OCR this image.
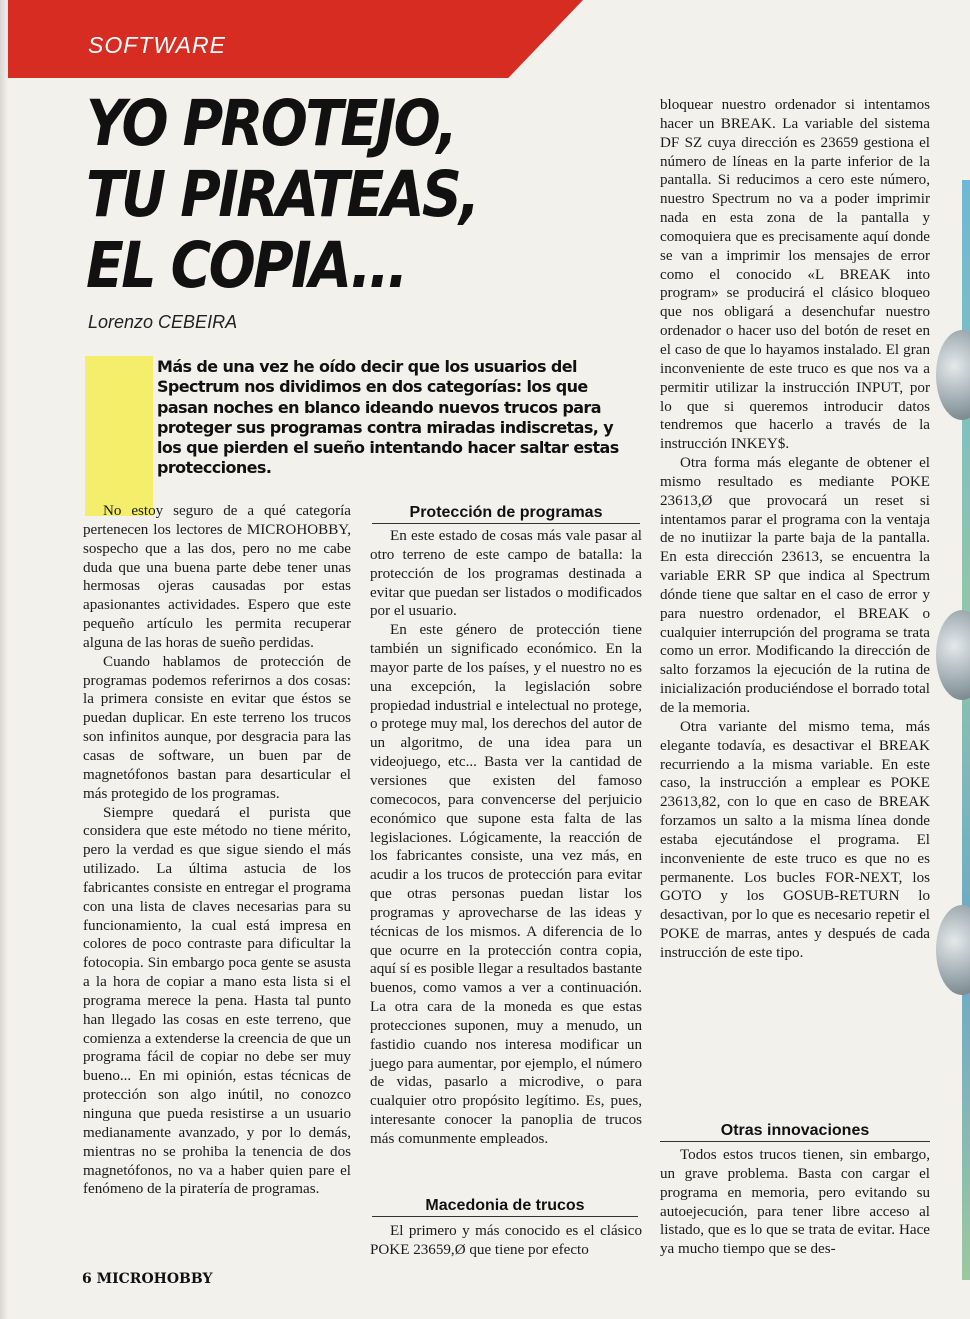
SOFTWARE
YO PROTEJO,
TU PIRATEAS,
EL COPIA...
Lorenzo CEBEIRA
Más de una vez he oído decir que los usuarios del Spectrum nos dividimos en dos categorías: los que pasan noches en blanco ideando nuevos trucos para proteger sus programas contra miradas indiscretas, y los que pierden el sueño intentando hacer saltar estas protecciones.

No estoy seguro de a qué categoría pertenecen los lectores de MICROHOBBY, sospecho que a las dos, pero no me cabe duda que una buena parte debe tener unas hermosas ojeras causadas por estas apasionantes actividades. Espero que este pequeño artículo les permita recuperar alguna de las horas de sueño perdidas.

Cuando hablamos de protección de programas podemos referirnos a dos cosas: la primera consiste en evitar que éstos se puedan duplicar. En este terreno los trucos son infinitos aunque, por desgracia para las casas de software, un buen par de magnetófonos bastan para desarticular el más protegido de los programas.

Siempre quedará el purista que considera que este método no tiene mérito, pero la verdad es que sigue siendo el más utilizado. La última astucia de los fabricantes consiste en entregar el programa con una lista de claves necesarias para su funcionamiento, la cual está impresa en colores de poco contraste para dificultar la fotocopia. Sin embargo poca gente se asusta a la hora de copiar a mano esta lista si el programa merece la pena. Hasta tal punto han llegado las cosas en este terreno, que comienza a extenderse la creencia de que un programa fácil de copiar no debe ser muy bueno... En mi opinión, estas técnicas de protección son algo inútil, no conozco ninguna que pueda resistirse a un usuario medianamente avanzado, y por lo demás, mientras no se prohiba la tenencia de dos magnetófonos, no va a haber quien pare el fenómeno de la piratería de programas.

Protección de programas

En este estado de cosas más vale pasar al otro terreno de este campo de batalla: la protección de los programas destinada a evitar que puedan ser listados o modificados por el usuario.

En este género de protección tiene también un significado económico. En la mayor parte de los países, y el nuestro no es una excepción, la legislación sobre propiedad industrial e intelectual no protege, o protege muy mal, los derechos del autor de un algoritmo, de una idea para un videojuego, etc... Basta ver la cantidad de versiones que existen del famoso comecocos, para convencerse del perjuicio económico que supone esta falta de las legislaciones. Lógicamente, la reacción de los fabricantes consiste, una vez más, en acudir a los trucos de protección para evitar que otras personas puedan listar los programas y aprovecharse de las ideas y técnicas de los mismos. A diferencia de lo que ocurre en la protección contra copia, aquí sí es posible llegar a resultados bastante buenos, como vamos a ver a continuación. La otra cara de la moneda es que estas protecciones suponen, muy a menudo, un fastidio cuando nos interesa modificar un juego para aumentar, por ejemplo, el número de vidas, pasarlo a microdive, o para cualquier otro propósito legítimo. Es, pues, interesante conocer la panoplia de trucos más comunmente empleados.

Macedonia de trucos

El primero y más conocido es el clásico POKE 23659,Ø que tiene por efecto

bloquear nuestro ordenador si intentamos hacer un BREAK. La variable del sistema DF SZ cuya dirección es 23659 gestiona el número de líneas en la parte inferior de la pantalla. Si reducimos a cero este número, nuestro Spectrum no va a poder imprimir nada en esta zona de la pantalla y comoquiera que es precisamente aquí donde se van a imprimir los mensajes de error como el conocido «L BREAK into program» se producirá el clásico bloqueo que nos obligará a desenchufar nuestro ordenador o hacer uso del botón de reset en el caso de que lo hayamos instalado. El gran inconveniente de este truco es que nos va a permitir utilizar la instrucción INPUT, por lo que si queremos introducir datos tendremos que hacerlo a través de la instrucción INKEY$.

Otra forma más elegante de obtener el mismo resultado es mediante POKE 23613,Ø que provocará un reset si intentamos parar el programa con la ventaja de no inutiizar la parte baja de la pantalla. En esta dirección 23613, se encuentra la variable ERR SP que indica al Spectrum dónde tiene que saltar en el caso de error y para nuestro ordenador, el BREAK o cualquier interrupción del programa se trata como un error. Modificando la dirección de salto forzamos la ejecución de la rutina de inicialización produciéndose el borrado total de la memoria.

Otra variante del mismo tema, más elegante todavía, es desactivar el BREAK recurriendo a la misma variable. En este caso, la instrucción a emplear es POKE 23613,82, con lo que en caso de BREAK forzamos un salto a la misma línea donde estaba ejecutándose el programa. El inconveniente de este truco es que no es permanente. Los bucles FOR-NEXT, los GOTO y los GOSUB-RETURN lo desactivan, por lo que es necesario repetir el POKE de marras, antes y después de cada instrucción de este tipo.

Otras innovaciones

Todos estos trucos tienen, sin embargo, un grave problema. Basta con cargar el programa en memoria, pero evitando su autoejecución, para tener libre acceso al listado, que es lo que se trata de evitar. Hace ya mucho tiempo que se des-

6 MICROHOBBY
